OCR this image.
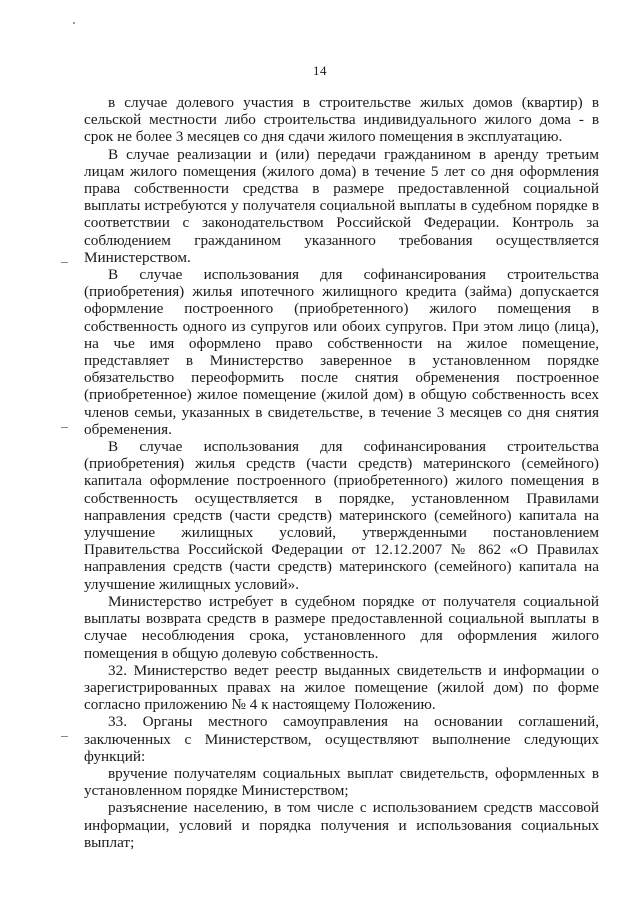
14

в случае долевого участия в строительстве жилых домов (квартир) в сельской местности либо строительства индивидуального жилого дома - в срок не более 3 месяцев со дня сдачи жилого помещения в эксплуатацию.

В случае реализации и (или) передачи гражданином в аренду третьим лицам жилого помещения (жилого дома) в течение 5 лет со дня оформления права собственности средства в размере предоставленной социальной выплаты истребуются у получателя социальной выплаты в судебном порядке в соответствии с законодательством Российской Федерации. Контроль за соблюдением гражданином указанного требования осуществляется Министерством.

В случае использования для софинансирования строительства (приобретения) жилья ипотечного жилищного кредита (займа) допускается оформление построенного (приобретенного) жилого помещения в собственность одного из супругов или обоих супругов. При этом лицо (лица), на чье имя оформлено право собственности на жилое помещение, представляет в Министерство заверенное в установленном порядке обязательство переоформить после снятия обременения построенное (приобретенное) жилое помещение (жилой дом) в общую собственность всех членов семьи, указанных в свидетельстве, в течение 3 месяцев со дня снятия обременения.

В случае использования для софинансирования строительства (приобретения) жилья средств (части средств) материнского (семейного) капитала оформление построенного (приобретенного) жилого помещения в собственность осуществляется в порядке, установленном Правилами направления средств (части средств) материнского (семейного) капитала на улучшение жилищных условий, утвержденными постановлением Правительства Российской Федерации от 12.12.2007 № 862 «О Правилах направления средств (части средств) материнского (семейного) капитала на улучшение жилищных условий».

Министерство истребует в судебном порядке от получателя социальной выплаты возврата средств в размере предоставленной социальной выплаты в случае несоблюдения срока, установленного для оформления жилого помещения в общую долевую собственность.

32. Министерство ведет реестр выданных свидетельств и информации о зарегистрированных правах на жилое помещение (жилой дом) по форме согласно приложению № 4 к настоящему Положению.

33. Органы местного самоуправления на основании соглашений, заключенных с Министерством, осуществляют выполнение следующих функций:

вручение получателям социальных выплат свидетельств, оформленных в установленном порядке Министерством;

разъяснение населению, в том числе с использованием средств массовой информации, условий и порядка получения и использования социальных выплат;
